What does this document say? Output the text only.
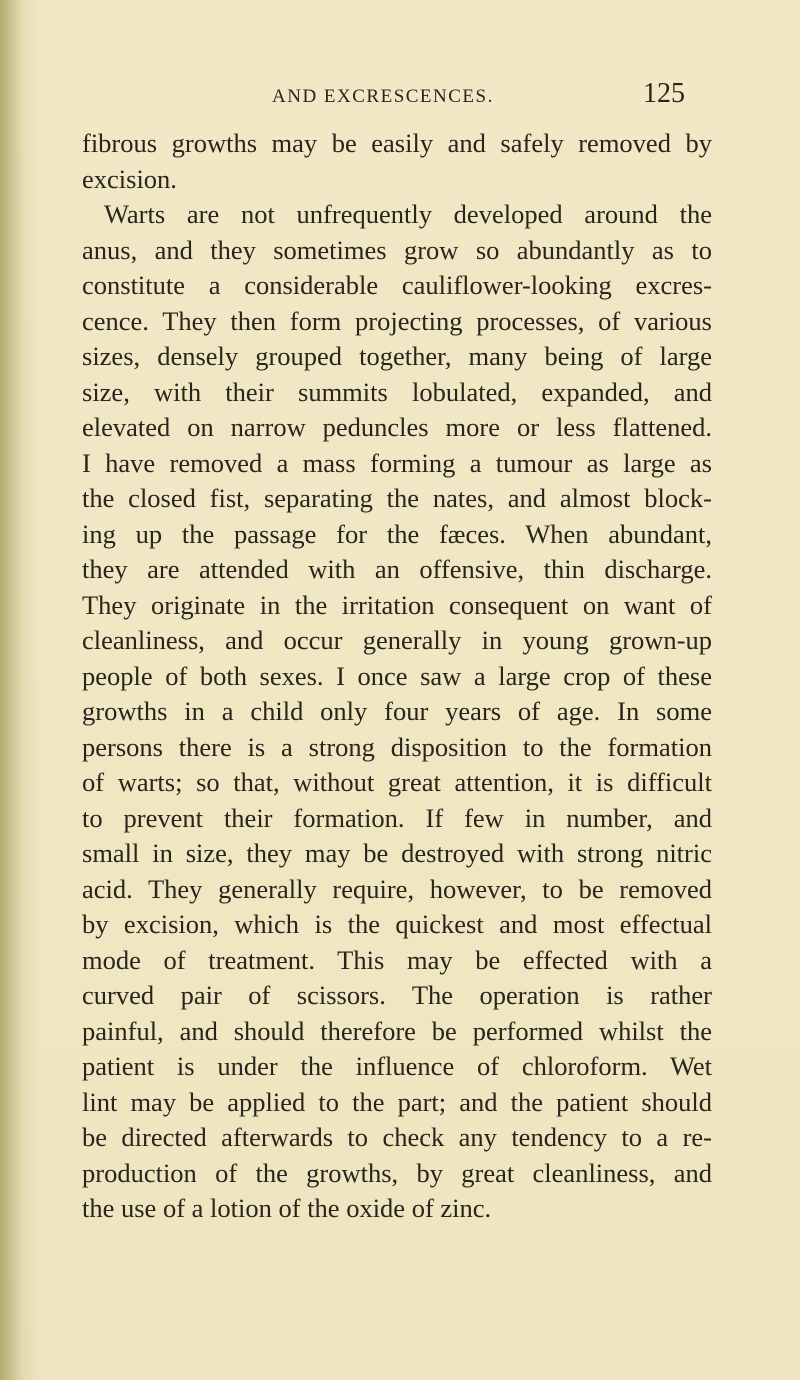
AND EXCRESCENCES.	125
fibrous growths may be easily and safely removed by
excision.
Warts are not unfrequently developed around the
anus, and they sometimes grow so abundantly as to
constitute a considerable cauliflower-looking excres-
cence. They then form projecting processes, of various
sizes, densely grouped together, many being of large
size, with their summits lobulated, expanded, and
elevated on narrow peduncles more or less flattened.
I have removed a mass forming a tumour as large as
the closed fist, separating the nates, and almost block-
ing up the passage for the fæces. When abundant,
they are attended with an offensive, thin discharge.
They originate in the irritation consequent on want of
cleanliness, and occur generally in young grown-up
people of both sexes. I once saw a large crop of these
growths in a child only four years of age. In some
persons there is a strong disposition to the formation
of warts; so that, without great attention, it is difficult
to prevent their formation. If few in number, and
small in size, they may be destroyed with strong nitric
acid. They generally require, however, to be removed
by excision, which is the quickest and most effectual
mode of treatment. This may be effected with a
curved pair of scissors. The operation is rather
painful, and should therefore be performed whilst the
patient is under the influence of chloroform. Wet
lint may be applied to the part; and the patient should
be directed afterwards to check any tendency to a re-
production of the growths, by great cleanliness, and
the use of a lotion of the oxide of zinc.
